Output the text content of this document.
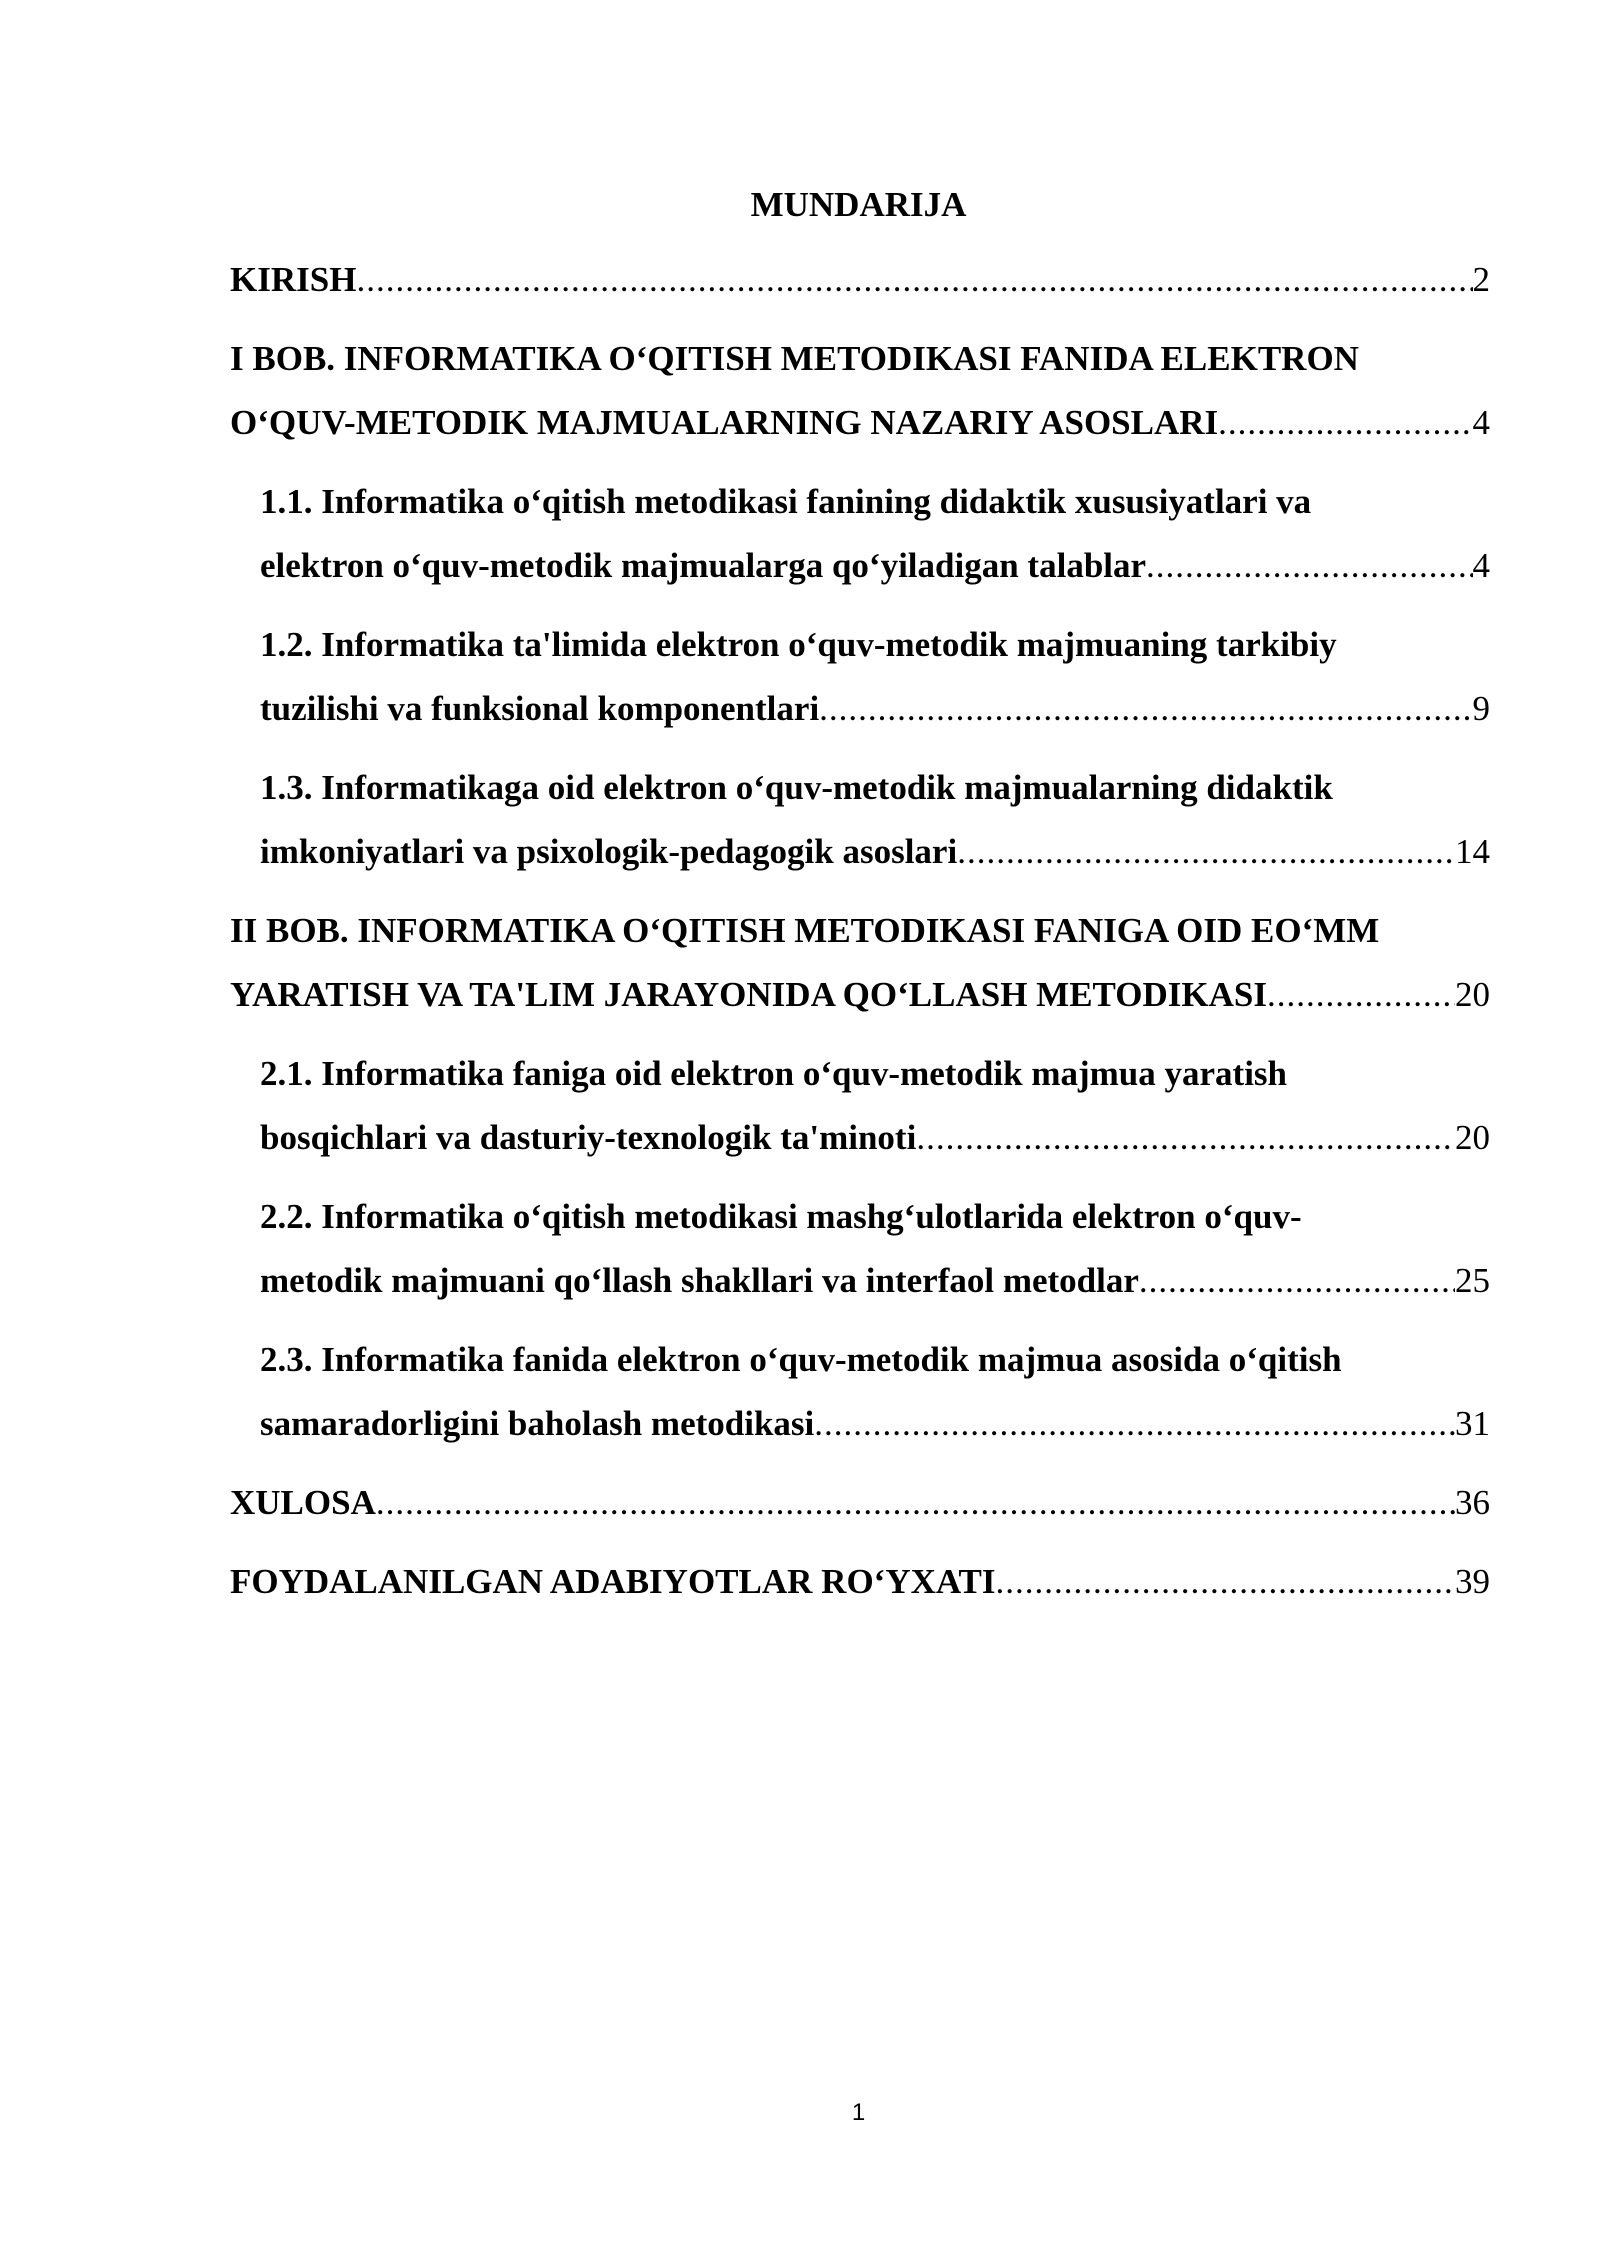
MUNDARIJA
KIRISH .....	2
I BOB. INFORMATIKA O‘QITISH METODIKASI FANIDA ELEKTRON
O‘QUV-METODIK MAJMUALARNING NAZARIY ASOSLARI .....	4
1.1. Informatika o‘qitish metodikasi fanining didaktik xususiyatlari va
elektron o‘quv-metodik majmualarga qo‘yiladigan talablar .....	4
1.2. Informatika ta'limida elektron o‘quv-metodik majmuaning tarkibiy
tuzilishi va funksional komponentlari .....	9
1.3. Informatikaga oid elektron o‘quv-metodik majmualarning didaktik
imkoniyatlari va psixologik-pedagogik asoslari .....	14
II BOB. INFORMATIKA O‘QITISH METODIKASI FANIGA OID EO‘MM
YARATISH VA TA'LIM JARAYONIDA QO‘LLASH METODIKASI .....	20
2.1. Informatika faniga oid elektron o‘quv-metodik majmua yaratish
bosqichlari va dasturiy-texnologik ta'minoti .....	20
2.2. Informatika o‘qitish metodikasi mashg‘ulotlarida elektron o‘quv-
metodik majmuani qo‘llash shakllari va interfaol metodlar .....	25
2.3. Informatika fanida elektron o‘quv-metodik majmua asosida o‘qitish
samaradorligini baholash metodikasi .....	31
XULOSA .....	36
FOYDALANILGAN ADABIYOTLAR RO‘YXATI .....	39
1
